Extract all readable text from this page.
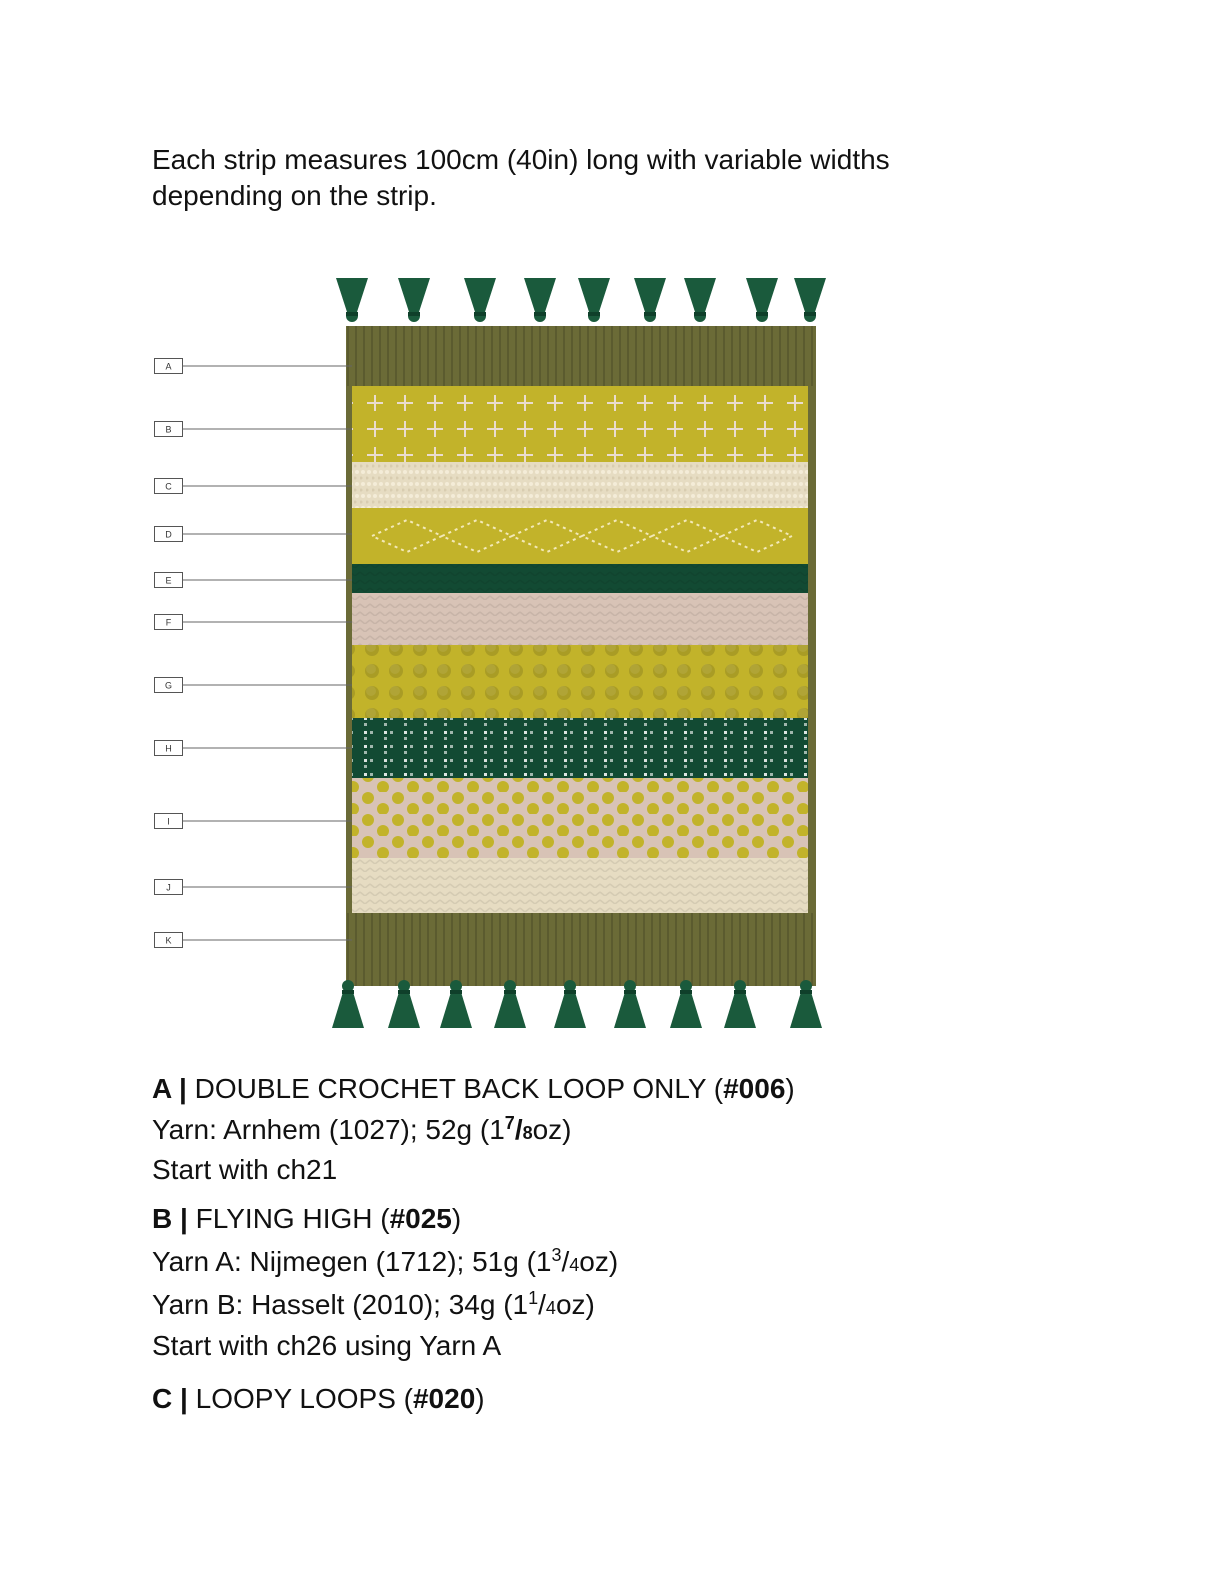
Each strip measures 100cm (40in) long with variable widths depending on the strip.

A
B
C
D
E
F
G
H
I
J
K

A | DOUBLE CROCHET BACK LOOP ONLY (#006)

Yarn: Arnhem (1027); 52g $(1^7/8oz)$

Start with ch21

B | FLYING HIGH (#025)

Yarn A: Nijmegen (1712); 51g $(1^3/4oz)$

Yarn B: Hasselt (2010); 34g $(1^1/4oz)$

Start with ch26 using Yarn A

C | LOOPY LOOPS (#020)
